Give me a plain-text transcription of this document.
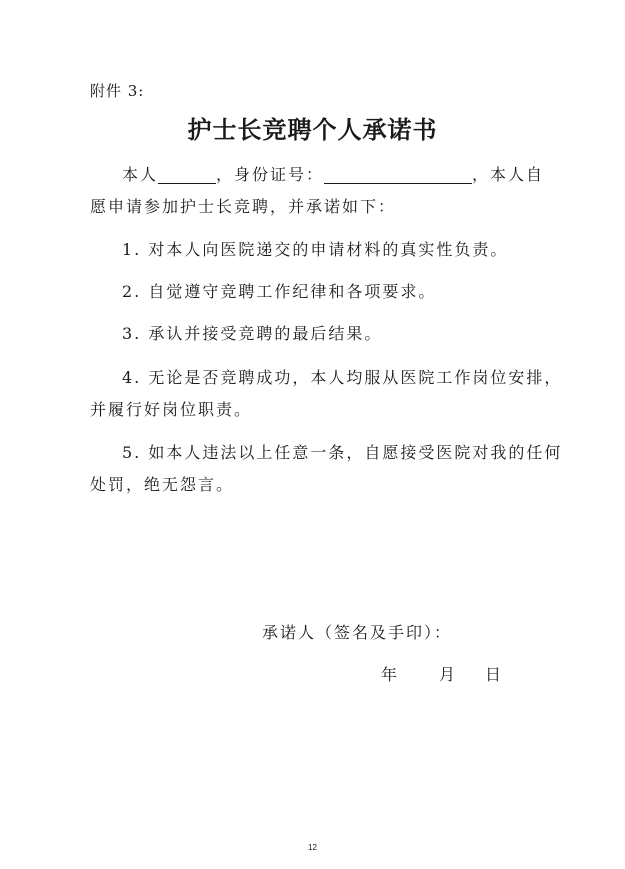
附件 3:
护士长竞聘个人承诺书
本人	，身份证号：	，本人自
愿申请参加护士长竞聘，并承诺如下：
1. 对本人向医院递交的申请材料的真实性负责。
2. 自觉遵守竞聘工作纪律和各项要求。
3. 承认并接受竞聘的最后结果。
4. 无论是否竞聘成功，本人均服从医院工作岗位安排，
并履行好岗位职责。
5. 如本人违法以上任意一条，自愿接受医院对我的任何
处罚，绝无怨言。
承诺人（签名及手印）：
年	月 日
12
